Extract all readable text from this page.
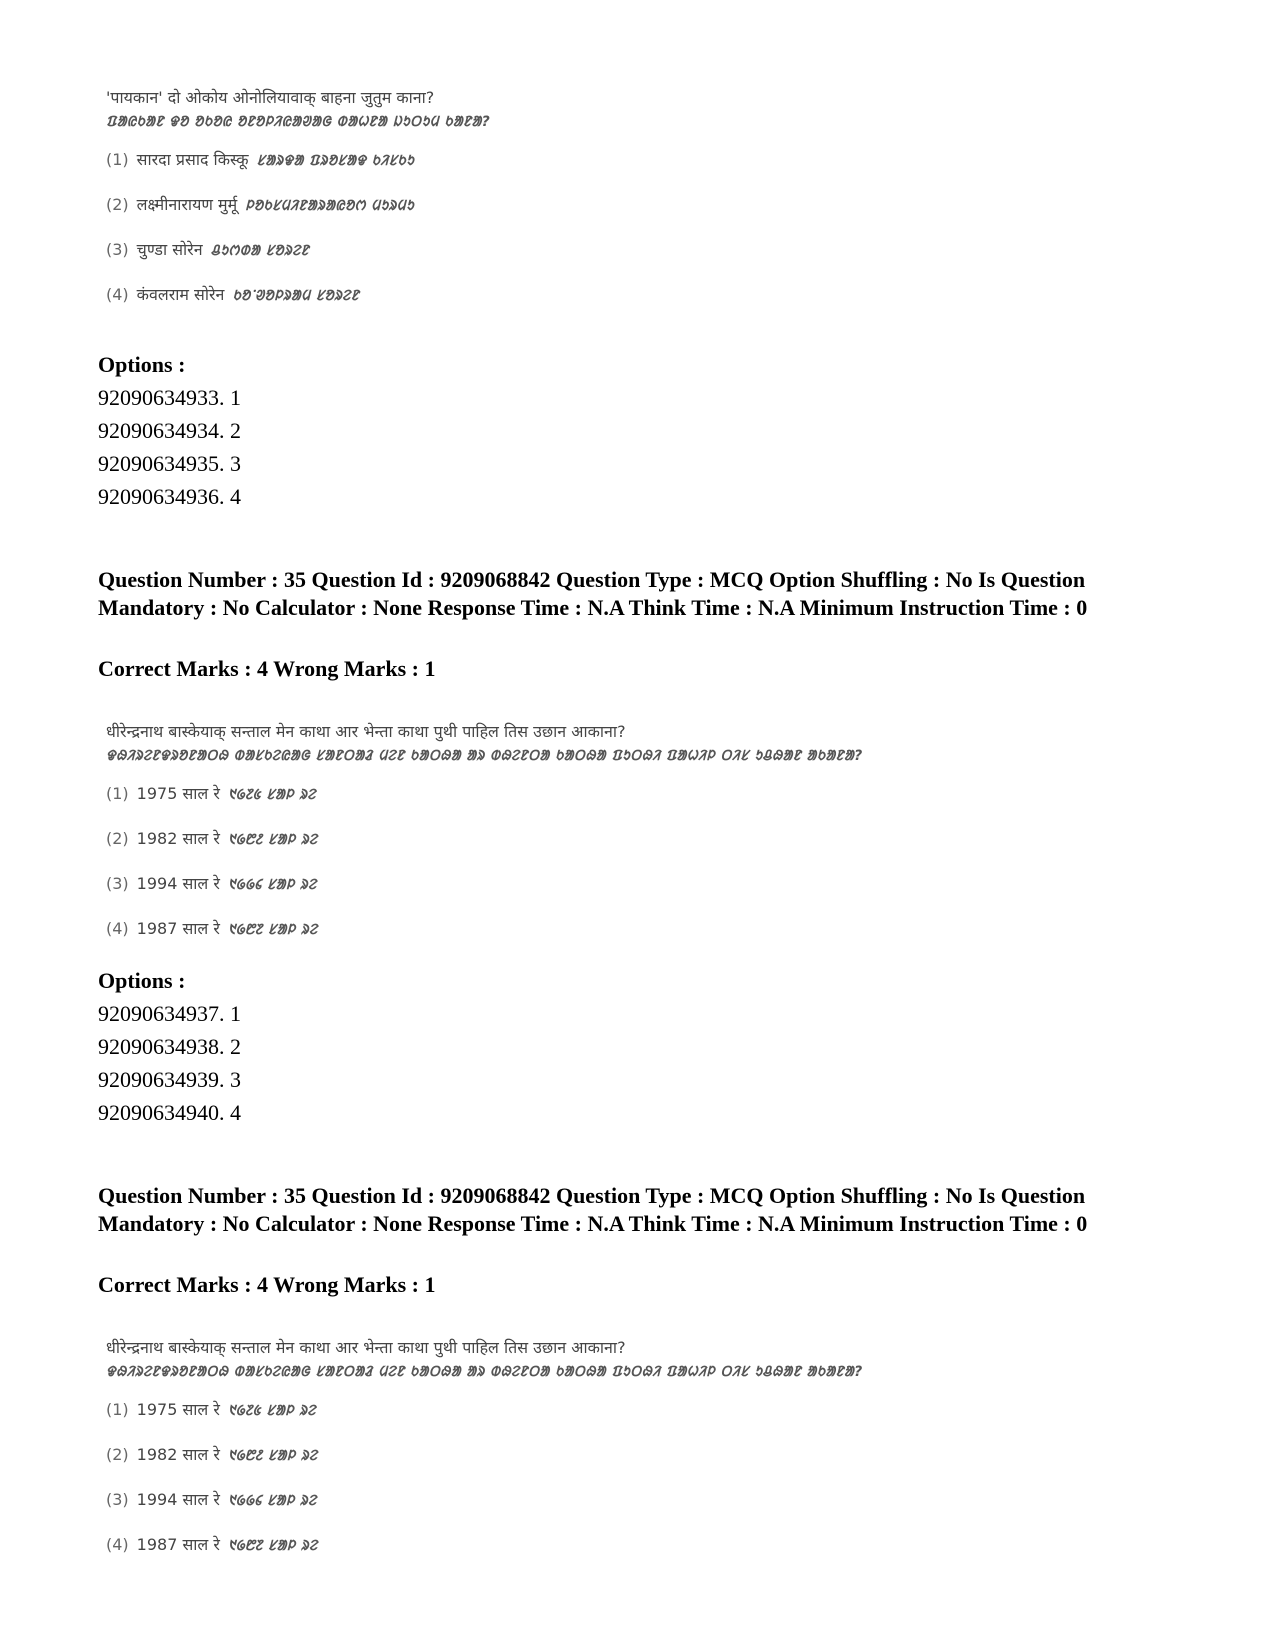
'पायकान' दो ओकोय ओनोलियावाक् बाहना जुतुम काना?
ᱯᱟᱭᱠᱟᱱ ᱫᱚ ᱚᱠᱚᱭ ᱚᱱᱚᱞᱤᱭᱟᱣᱟᱜ ᱵᱟᱦᱱᱟ ᱡᱩᱛᱩᱢ ᱠᱟᱱᱟ?
(1) सारदा प्रसाद किस्कू ᱥᱟᱨᱫᱟ ᱯᱨᱚᱥᱟᱫ ᱠᱤᱥᱠᱩ
(2) लक्ष्मीनारायण मुर्मू ᱞᱚᱠᱥᱢᱤᱱᱟᱨᱟᱭᱚᱬ ᱢᱩᱨᱢᱩ
(3) चुण्डा सोरेन ᱪᱩᱬᱰᱟ ᱥᱚᱨᱮᱱ
(4) कंवलराम सोरेन ᱠᱚᱸᱣᱚᱞᱨᱟᱢ ᱥᱚᱨᱮᱱ
Options :
92090634933. 1
92090634934. 2
92090634935. 3
92090634936. 4
Question Number : 35 Question Id : 9209068842 Question Type : MCQ Option Shuffling : No Is Question Mandatory : No Calculator : None Response Time : N.A Think Time : N.A Minimum Instruction Time : 0
Correct Marks : 4 Wrong Marks : 1
धीरेन्द्रनाथ बास्केयाक् सन्ताल मेन काथा आर भेन्ता काथा पुथी पाहिल तिस उछान आकाना?
ᱫᱷᱤᱨᱮᱱᱫᱨᱚᱱᱟᱛᱷ ᱵᱟᱥᱠᱮᱭᱟᱜ ᱥᱟᱱᱛᱟᱲ ᱢᱮᱱ ᱠᱟᱛᱷᱟ ᱟᱨ ᱵᱷᱮᱱᱛᱟ ᱠᱟᱛᱷᱟ ᱯᱩᱛᱷᱤ ᱯᱟᱦᱤᱞ ᱛᱤᱥ ᱩᱪᱷᱟᱱ ᱟᱠᱟᱱᱟ?
(1) 1975 साल रे ᱑᱙᱗᱕ ᱥᱟᱞ ᱨᱮ
(2) 1982 साल रे ᱑᱙᱘᱒ ᱥᱟᱞ ᱨᱮ
(3) 1994 साल रे ᱑᱙᱙᱔ ᱥᱟᱞ ᱨᱮ
(4) 1987 साल रे ᱑᱙᱘᱗ ᱥᱟᱞ ᱨᱮ
Options :
92090634937. 1
92090634938. 2
92090634939. 3
92090634940. 4
Question Number : 35 Question Id : 9209068842 Question Type : MCQ Option Shuffling : No Is Question Mandatory : No Calculator : None Response Time : N.A Think Time : N.A Minimum Instruction Time : 0
Correct Marks : 4 Wrong Marks : 1
धीरेन्द्रनाथ बास्केयाक् सन्ताल मेन काथा आर भेन्ता काथा पुथी पाहिल तिस उछान आकाना?
ᱫᱷᱤᱨᱮᱱᱫᱨᱚᱱᱟᱛᱷ ᱵᱟᱥᱠᱮᱭᱟᱜ ᱥᱟᱱᱛᱟᱲ ᱢᱮᱱ ᱠᱟᱛᱷᱟ ᱟᱨ ᱵᱷᱮᱱᱛᱟ ᱠᱟᱛᱷᱟ ᱯᱩᱛᱷᱤ ᱯᱟᱦᱤᱞ ᱛᱤᱥ ᱩᱪᱷᱟᱱ ᱟᱠᱟᱱᱟ?
(1) 1975 साल रे ᱑᱙᱗᱕ ᱥᱟᱞ ᱨᱮ
(2) 1982 साल रे ᱑᱙᱘᱒ ᱥᱟᱞ ᱨᱮ
(3) 1994 साल रे ᱑᱙᱙᱔ ᱥᱟᱞ ᱨᱮ
(4) 1987 साल रे ᱑᱙᱘᱗ ᱥᱟᱞ ᱨᱮ
